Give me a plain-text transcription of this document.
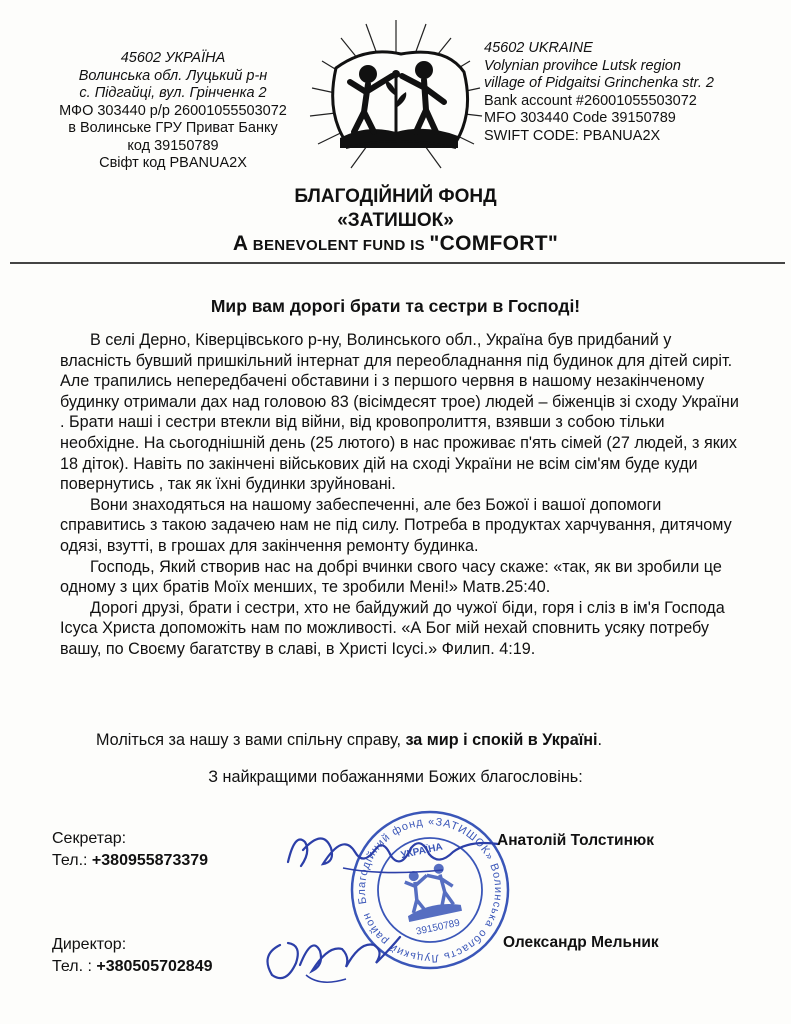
45602 УКРАЇНА
Волинська обл. Луцький р-н
с. Підгайці, вул. Грінченка 2
МФО 303440 р/р 26001055503072
в Волинське ГРУ Приват Банку
код 39150789
Свіфт код PBANUA2X
45602 UKRAINE
Volynian provihce Lutsk region
village of Pidgaitsi Grinchenka str. 2
Bank account #26001055503072
MFO 303440 Code 39150789
SWIFT CODE: PBANUA2X
БЛАГОДІЙНИЙ ФОНД
«ЗАТИШОК»
A BENEVOLENT FUND IS "COMFORT"
Мир вам дорогі брати та сестри в Господі!

В селі Дерно, Ківерцівського р-ну, Волинського обл., Україна був придбаний у власність бувший пришкільний інтернат для переобладнання під будинок для дітей сиріт. Але трапились непередбачені обставини і з першого червня в нашому незакінченому будинку отримали дах над головою 83 (вісімдесят трое) людей – біженців зі сходу України . Брати наші і сестри втекли від війни, від кровопролиття, взявши з собою тільки необхідне. На сьогоднішній день (25 лютого) в нас проживає п'ять сімей (27 людей, з яких 18 діток). Навіть по закінчені військових дій на сході України не всім сім'ям буде куди повернутись , так як їхні будинки зруйновані.

Вони знаходяться на нашому забеспеченні, але без Божої і вашої допомоги справитись з такою задачею нам не під силу. Потреба в продуктах харчування, дитячому одязі, взутті, в грошах для закінчення ремонту будинка.

Господь, Який створив нас на добрі вчинки свого часу скаже: «так, як ви зробили це одному з цих братів Моїх менших, те зробили Мені!» Матв.25:40.

Дорогі друзі, брати і сестри, хто не байдужий до чужої біди, горя і сліз в ім'я Господа Ісуса Христа допоможіть нам по можливості. «А Бог мій нехай сповнить усяку потребу вашу, по Своєму багатству в славі, в Христі Ісусі.» Филип. 4:19.

Моліться за нашу з вами спільну справу, за мир і спокій в Україні.
З найкращими побажаннями Божих благословінь:
Благодійний фонд «ЗАТИШОК» Волинська область Луцький район
УКРАЇНА
39150789
Секретар:
Тел.: +380955873379
Анатолій Толстинюк
Директор:
Тел. : +380505702849
Олександр Мельник
